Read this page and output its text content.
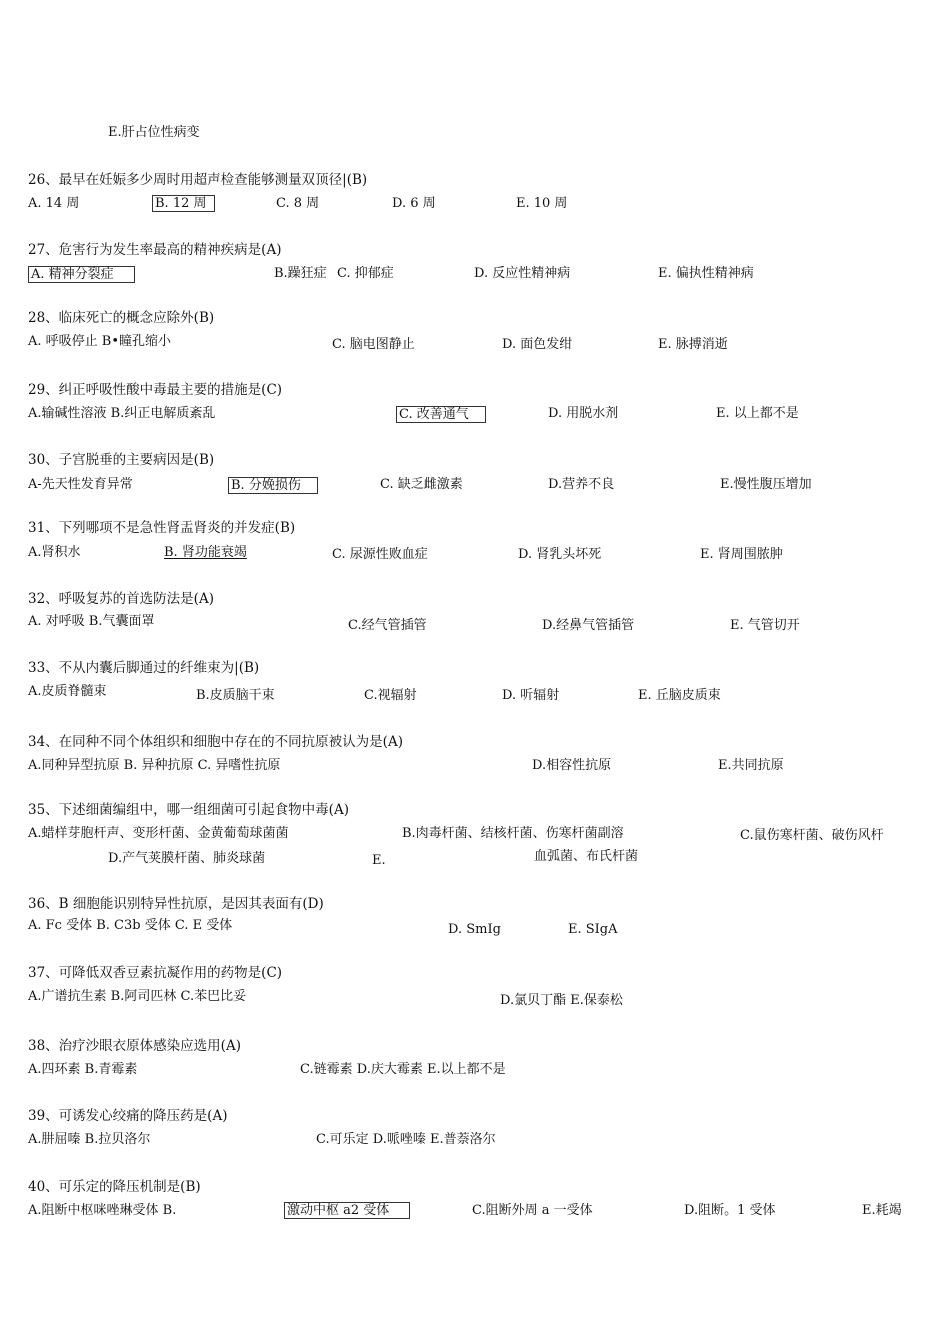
E.肝占位性病变
26、最早在妊娠多少周时用超声检查能够测量双顶径|(B)
A. 14 周	B. 12 周	C. 8 周	D. 6 周	E. 10 周
27、危害行为发生率最高的精神疾病是(A)
A. 精神分裂症	B.躁狂症 C. 抑郁症	D. 反应性精神病	E. 偏执性精神病
28、临床死亡的概念应除外(B)
A. 呼吸停止 B•瞳孔缩小	C. 脑电图静止	D. 面色发绀	E. 脉搏消逝
29、纠正呼吸性酸中毒最主要的措施是(C)
A.输碱性溶液 B.纠正电解质紊乱	C. 改善通气	D. 用脱水剂	E. 以上都不是
30、子宫脱垂的主要病因是(B)
A-先天性发育异常	B. 分娩损伤	C. 缺乏雌激素	D.营养不良	E.慢性腹压增加
31、下列哪项不是急性肾盂肾炎的并发症(B)
A.肾积水	B. 肾功能衰竭	C. 尿源性败血症	D. 肾乳头坏死	E. 肾周围脓肿
32、呼吸复苏的首选防法是(A)
A. 对呼吸 B.气囊面罩	C.经气管插管	D.经鼻气管插管	E. 气管切开
33、不从内囊后脚通过的纤维束为|(B)
A.皮质脊髓束	B.皮质脑干束	C.视辐射	D. 听辐射	E. 丘脑皮质束
34、在同种不同个体组织和细胞中存在的不同抗原被认为是(A)
A.同种异型抗原 B. 异种抗原 C. 异嗜性抗原	D.相容性抗原	E.共同抗原
35、下述细菌编组中，哪一组细菌可引起食物中毒(A)
A.蜡样芽胞杆声、变形杆菌、金黄葡萄球菌菌	B.肉毒杆菌、结核杆菌、伤寒杆菌副溶	C.鼠伤寒杆菌、破伤风杆
D.产气荚膜杆菌、肺炎球菌	E.	血弧菌、布氏杆菌
36、B 细胞能识别特异性抗原，是因其表面有(D)
A. Fc 受体 B. C3b 受体 C. E 受体	D. SmIg	E. SIgA
37、可降低双香豆素抗凝作用的药物是(C)
A.广谱抗生素 B.阿司匹林 C.苯巴比妥	D.氯贝丁酯 E.保泰松
38、治疗沙眼衣原体感染应选用(A)
A.四环素 B.青霉素	C.链霉素 D.庆大霉素 E.以上都不是
39、可诱发心绞痛的降压药是(A)
A.肼屈嗪 B.拉贝洛尔	C.可乐定 D.哌唑嗪 E.普萘洛尔
40、可乐定的降压机制是(B)
A.阻断中枢咪唑琳受体 B.	激动中枢 a2 受体	C.阻断外周 a 一受体	D.阻断。1 受体	E.耗竭
